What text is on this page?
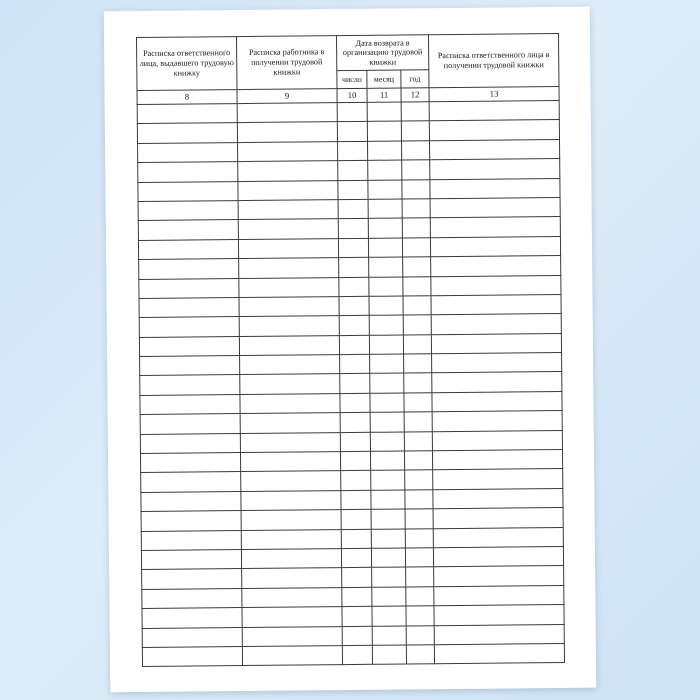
Расписка ответственного лица, выдавшего трудовую книжку	Расписка работника в получении трудовой книжки	Дата возврата в организацию трудовой книжки			Расписка ответственного лица в получении трудовой книжки
		число	месяц	год	
8	9	10	11	12	13
